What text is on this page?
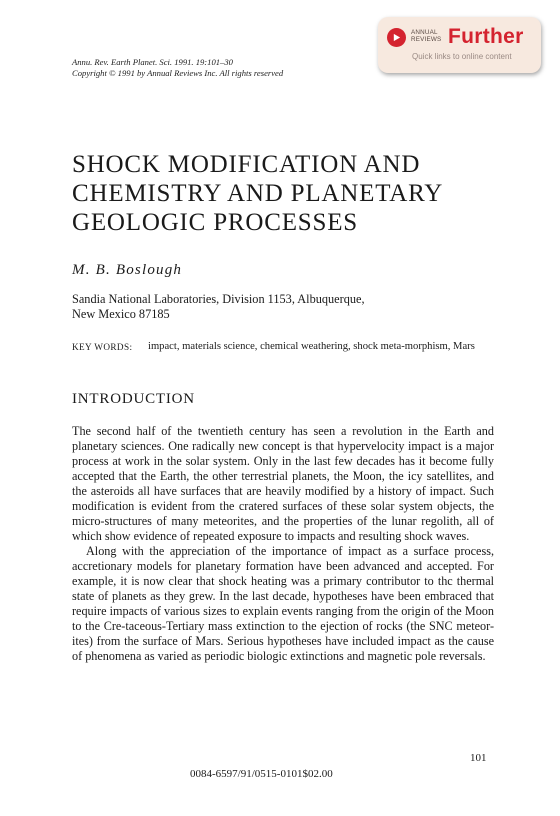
Annu. Rev. Earth Planet. Sci. 1991. 19:101–30
Copyright © 1991 by Annual Reviews Inc. All rights reserved
ANNUAL
REVIEWS Further
Quick links to online content
SHOCK MODIFICATION AND
CHEMISTRY AND PLANETARY
GEOLOGIC PROCESSES
M. B. Boslough
Sandia National Laboratories, Division 1153, Albuquerque,
New Mexico 87185
KEY WORDS: impact, materials science, chemical weathering, shock meta-morphism, Mars
INTRODUCTION

The second half of the twentieth century has seen a revolution in the Earth and planetary sciences. One radically new concept is that hypervelocity impact is a major process at work in the solar system. Only in the last few decades has it become fully accepted that the Earth, the other terrestrial planets, the Moon, the icy satellites, and the asteroids all have surfaces that are heavily modified by a history of impact. Such modification is evident from the cratered surfaces of these solar system objects, the micro-structures of many meteorites, and the properties of the lunar regolith, all of which show evidence of repeated exposure to impacts and resulting shock waves.

Along with the appreciation of the importance of impact as a surface process, accretionary models for planetary formation have been advanced and accepted. For example, it is now clear that shock heating was a primary contributor to thc thermal state of planets as they grew. In the last decade, hypotheses have been embraced that require impacts of various sizes to explain events ranging from the origin of the Moon to the Cre-taceous-Tertiary mass extinction to the ejection of rocks (the SNC meteor-ites) from the surface of Mars. Serious hypotheses have included impact as the cause of phenomena as varied as periodic biologic extinctions and magnetic pole reversals.

101
0084-6597/91/0515-0101$02.00
